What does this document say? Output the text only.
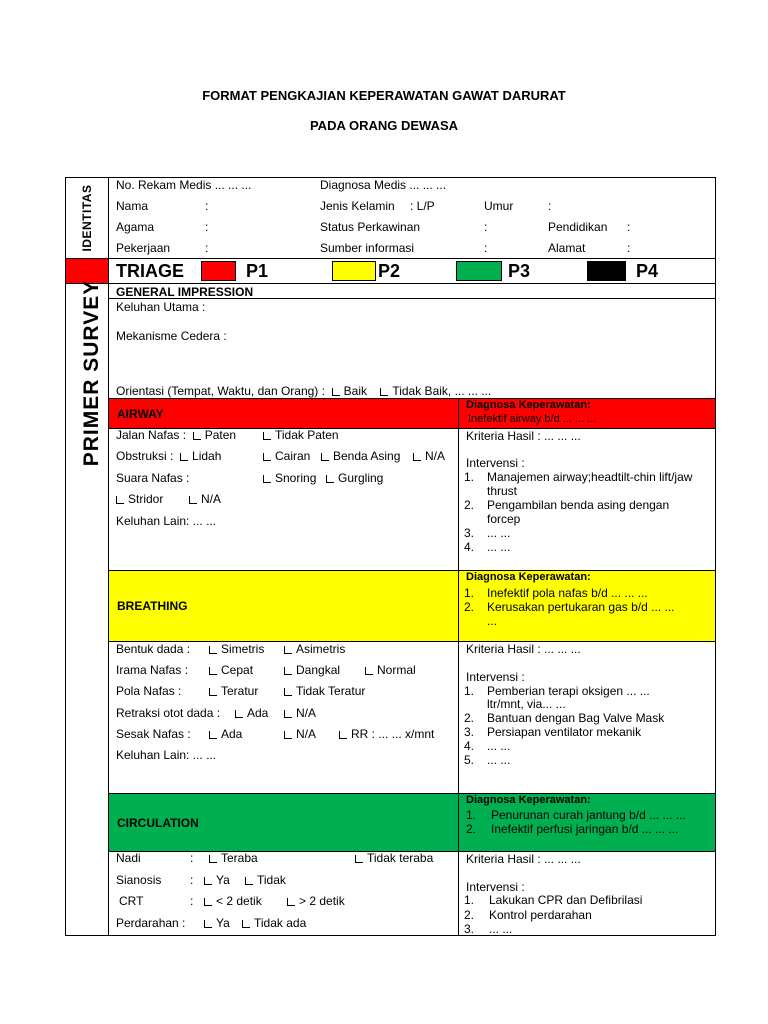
FORMAT PENGKAJIAN KEPERAWATAN GAWAT DARURAT
PADA ORANG DEWASA
IDENTITAS
PRIMER SURVEY
No. Rekam Medis ... ... ...	Diagnosa Medis ... ... ...
Nama	:	Jenis Kelamin : L/P	Umur	:
Agama	:	Status Perkawinan	:	Pendidikan :
Pekerjaan	:	Sumber informasi	:	Alamat	:
TRIAGE	P1	P2	P3	P4
GENERAL IMPRESSION
Keluhan Utama :
Mekanisme Cedera :
Orientasi (Tempat, Waktu, dan Orang) : Baik Tidak Baik, ... ... ...
AIRWAY
Diagnosa Keperawatan:
Inefektif airway b/d ... ... ...
Jalan Nafas : Paten	Tidak Paten
Obstruksi : Lidah	Cairan	Benda Asing	N/A
Suara Nafas :	Snoring	Gurgling
Stridor	N/A
Keluhan Lain: ... ...
Kriteria Hasil : ... ... ...
Intervensi :
1. Manajemen airway;headtilt-chin lift/jaw
thrust
2. Pengambilan benda asing dengan
forcep
3. ... ...
4. ... ...
BREATHING
Diagnosa Keperawatan:
1. Inefektif pola nafas b/d ... ... ...
2. Kerusakan pertukaran gas b/d ... ...
...
Bentuk dada :	Simetris	Asimetris
Irama Nafas :	Cepat	Dangkal	Normal
Pola Nafas :	Teratur	Tidak Teratur
Retraksi otot dada :	Ada	N/A
Sesak Nafas :	Ada	N/A	RR : ... ... x/mnt
Keluhan Lain: ... ...
Kriteria Hasil : ... ... ...
Intervensi :
1. Pemberian terapi oksigen ... ...
ltr/mnt, via... ...
2. Bantuan dengan Bag Valve Mask
3. Persiapan ventilator mekanik
4. ... ...
5. ... ...
CIRCULATION
Diagnosa Keperawatan:
1. Penurunan curah jantung b/d ... ... ...
2. Inefektif perfusi jaringan b/d ... ... ...
Nadi	:	Teraba	Tidak teraba
Sianosis :	Ya	Tidak
CRT	:	< 2 detik	> 2 detik
Perdarahan :	Ya	Tidak ada
Kriteria Hasil : ... ... ...
Intervensi :
1. Lakukan CPR dan Defibrilasi
2. Kontrol perdarahan
3. ... ...
